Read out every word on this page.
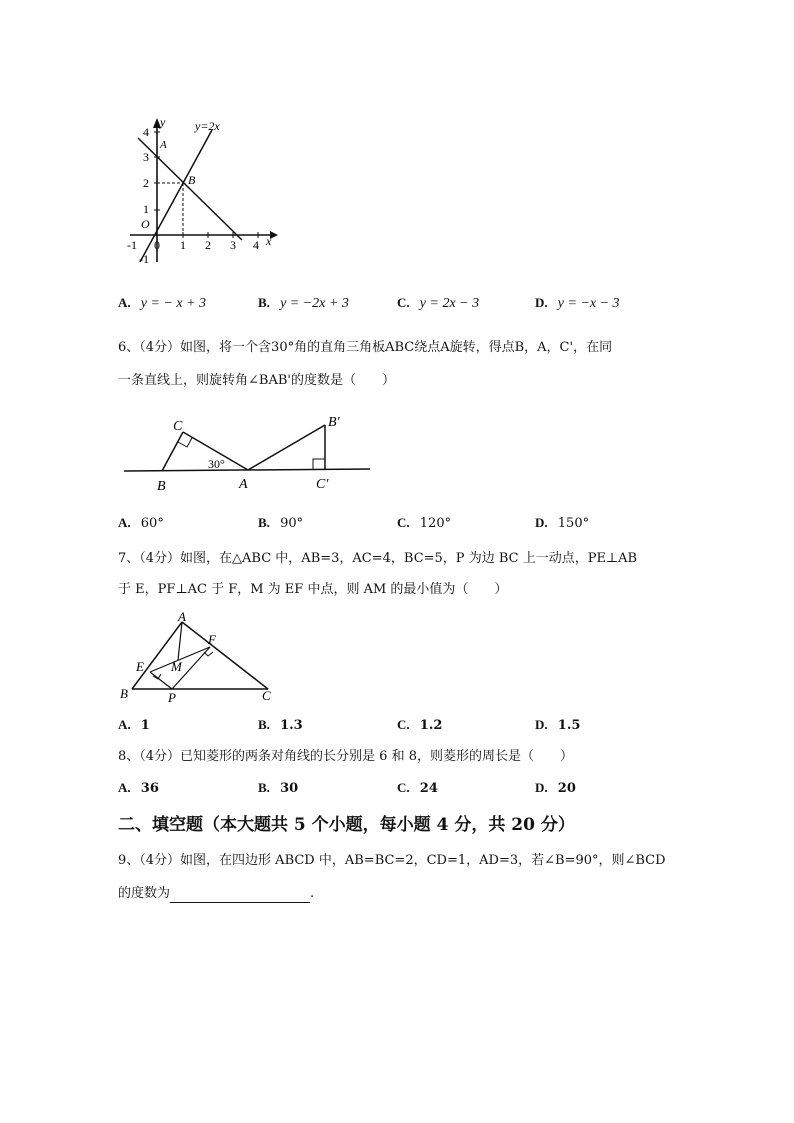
y=2x
y
x
O
A
B
4
3
2
1
-1
-1 0 1 2 3 4
A. y = − x + 3	B. y = −2x + 3	C. y = 2x − 3	D. y = −x − 3
6、（4分）如图，将一个含30°角的直角三角板ABC绕点A旋转，得点B，A，C'，在同
一条直线上，则旋转角∠BAB'的度数是（　　）
C
B	A
B′
C′
30°
A. 60°	B. 90°	C. 120°	D. 150°
7、（4分）如图，在△ABC 中，AB=3，AC=4，BC=5，P 为边 BC 上一动点，PE⊥AB
于 E，PF⊥AC 于 F，M 为 EF 中点，则 AM 的最小值为（　　）
A
F
E M
B	P	C
A. 1	B. 1.3	C. 1.2	D. 1.5
8、（4分）已知菱形的两条对角线的长分别是 6 和 8，则菱形的周长是（　　）
A. 36	B. 30	C. 24	D. 20
二、填空题（本大题共 5 个小题，每小题 4 分，共 20 分）
9、（4分）如图，在四边形 ABCD 中，AB=BC=2，CD=1，AD=3，若∠B=90°，则∠BCD
的度数为	.
